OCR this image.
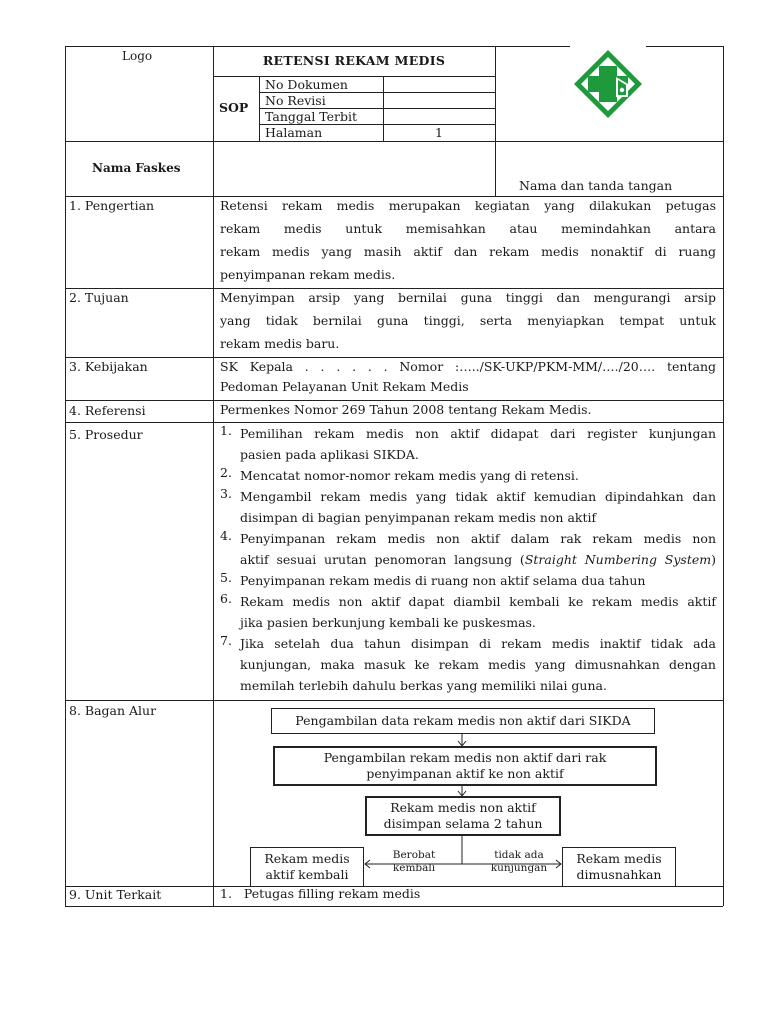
Logo	RETENSI REKAM MEDIS
SOP
No Dokumen
No Revisi
Tanggal Terbit
Halaman	1
Nama Faskes
Nama dan tanda tangan
1. Pengertian	Retensi rekam medis merupakan kegiatan yang dilakukan petugas
rekam medis untuk memisahkan atau memindahkan antara
rekam medis yang masih aktif dan rekam medis nonaktif di ruang
penyimpanan rekam medis.
2. Tujuan	Menyimpan arsip yang bernilai guna tinggi dan mengurangi arsip
yang tidak bernilai guna tinggi, serta menyiapkan tempat untuk
rekam medis baru.
3. Kebijakan	SK Kepala . . . . . . Nomor :…../SK-UKP/PKM-MM/…./20…. tentang
Pedoman Pelayanan Unit Rekam Medis
4. Referensi	Permenkes Nomor 269 Tahun 2008 tentang Rekam Medis.
5. Prosedur	1. Pemilihan rekam medis non aktif didapat dari register kunjungan
pasien pada aplikasi SIKDA.
2. Mencatat nomor-nomor rekam medis yang di retensi.
3. Mengambil rekam medis yang tidak aktif kemudian dipindahkan dan
disimpan di bagian penyimpanan rekam medis non aktif
4. Penyimpanan rekam medis non aktif dalam rak rekam medis non
aktif sesuai urutan penomoran langsung (Straight Numbering System)
5. Penyimpanan rekam medis di ruang non aktif selama dua tahun
6. Rekam medis non aktif dapat diambil kembali ke rekam medis aktif
jika pasien berkunjung kembali ke puskesmas.
7. Jika setelah dua tahun disimpan di rekam medis inaktif tidak ada
kunjungan, maka masuk ke rekam medis yang dimusnahkan dengan
memilah terlebih dahulu berkas yang memiliki nilai guna.
8. Bagan Alur
Pengambilan data rekam medis non aktif dari SIKDA
Pengambilan rekam medis non aktif dari rak
penyimpanan aktif ke non aktif
Rekam medis non aktif
disimpan selama 2 tahun
Rekam medis
aktif kembali
Rekam medis
dimusnahkan
Berobat
kembali
tidak ada
kunjungan
9. Unit Terkait	1.   Petugas filling rekam medis
